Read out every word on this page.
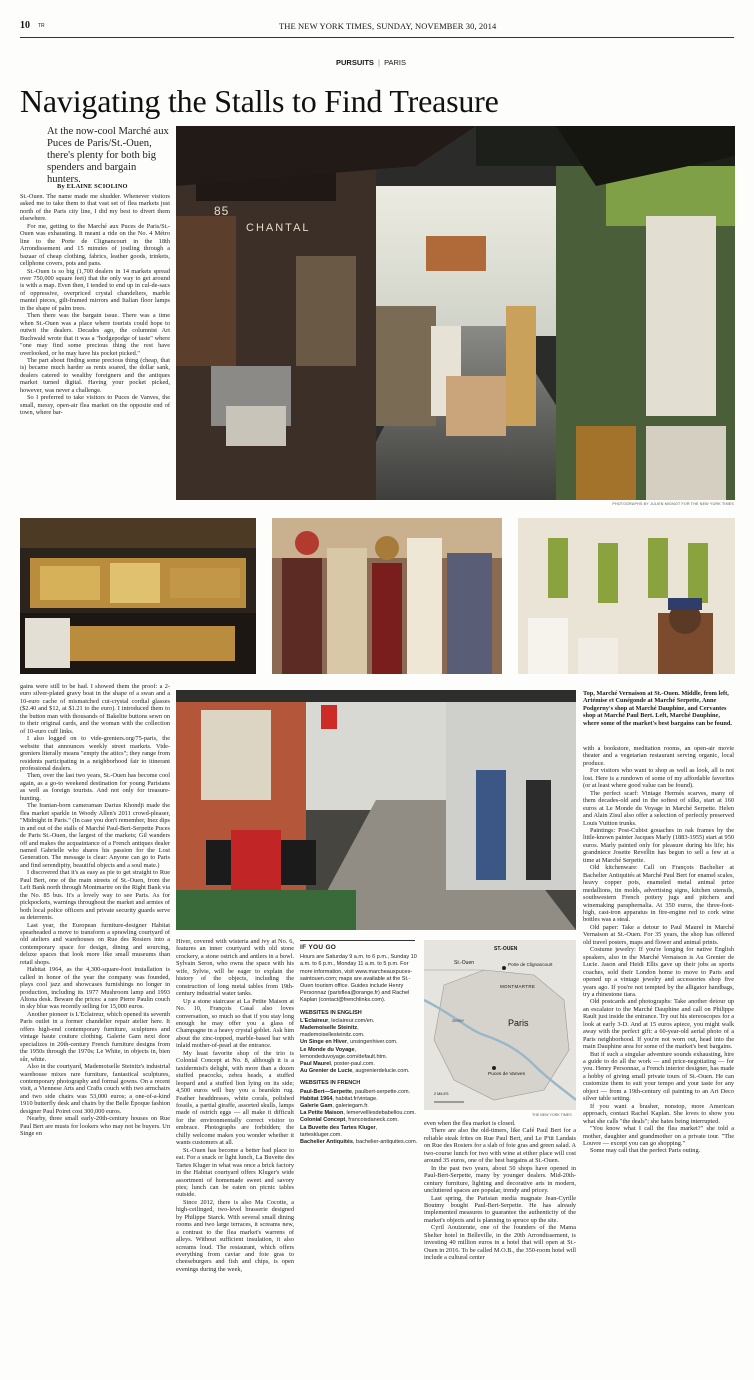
10 TR	THE NEW YORK TIMES, SUNDAY, NOVEMBER 30, 2014
PURSUITS | PARIS
Navigating the Stalls to Find Treasure
At the now-cool Marché aux Puces de Paris/St.-Ouen, there's plenty for both big spenders and bargain hunters.
By ELAINE SCIOLINO

St.-Ouen. The name made me shudder. Whenever visitors asked me to take them to that vast set of flea markets just north of the Paris city line, I did my best to divert them elsewhere.

For me, getting to the Marché aux Puces de Paris/St.-Ouen was exhausting. It meant a ride on the No. 4 Métro line to the Porte de Clignancourt in the 18th Arrondissement and 15 minutes of jostling through a bazaar of cheap clothing, fabrics, leather goods, trinkets, cellphone covers, pots and pans.

St.-Ouen is so big (1,700 dealers in 14 markets spread over 750,000 square feet) that the only way to get around is with a map. Even then, I tended to end up in cul-de-sacs of oppressive, overpriced crystal chandeliers, marble mantel pieces, gilt-framed mirrors and Italian floor lamps in the shape of palm trees.

Then there was the bargain issue. There was a time when St.-Ouen was a place where tourists could hope to outwit the dealers. Decades ago, the columnist Art Buchwald wrote that it was a "hodgepodge of taste" where "one may find some precious thing the rest have overlooked, or he may have his pocket picked."

The part about finding some precious thing (cheap, that is) became much harder as rents soared, the dollar sank, dealers catered to wealthy foreigners and the antiques market turned digital. Having your pocket picked, however, was never a challenge.

So I preferred to take visitors to Puces de Vanves, the small, messy, open-air flea market on the opposite end of town, where bar-

85
CHANTAL
PHOTOGRAPHS BY JULIEN MIGNOT FOR THE NEW YORK TIMES

gains were still to be had. I showed them the proof: a 2-euro silver-plated gravy boat in the shape of a swan and a 10-euro cache of mismatched cut-crystal cordial glasses ($2.40 and $12, at $1.21 to the euro). I introduced them to the button man with thousands of Bakelite buttons sewn on to their original cards, and the woman with the collection of 10-euro cuff links.

I also logged on to vide-greniers.org/75-paris, the website that announces weekly street markets. Vide-greniers literally means "empty the attics"; they range from residents participating in a neighborhood fair to itinerant professional dealers.

Then, over the last two years, St.-Ouen has become cool again, as a go-to weekend destination for young Parisians as well as foreign tourists. And not only for treasure-hunting.

The Iranian-born cameraman Darius Khondji made the flea market sparkle in Woody Allen's 2011 crowd-pleaser, "Midnight in Paris." (In case you don't remember, Inez dips in and out of the stalls of Marché Paul-Bert-Serpette Puces de Paris St.-Ouen, the largest of the markets; Gil wanders off and makes the acquaintance of a French antiques dealer named Gabrielle who shares his passion for the Lost Generation. The message is clear: Anyone can go to Paris and find serendipity, beautiful objects and a soul mate.)

I discovered that it's as easy as pie to get straight to Rue Paul Bert, one of the main streets of St.-Ouen, from the Left Bank north through Montmartre on the Right Bank via the No. 85 bus. It's a lovely way to see Paris. As for pickpockets, warnings throughout the market and armies of both local police officers and private security guards serve as deterrents.

Last year, the European furniture-designer Habitat spearheaded a move to transform a sprawling courtyard of old ateliers and warehouses on Rue des Rosiers into a contemporary space for design, dining and sourcing, deluxe spaces that look more like small museums than retail shops.

Habitat 1964, as the 4,300-square-foot installation is called in honor of the year the company was founded, plays cool jazz and showcases furnishings no longer in production, including its 1977 Mushroom lamp and 1993 Altona desk. Beware the prices: a rare Pierre Paulin couch in sky blue was recently selling for 15,000 euros.

Another pioneer is L'Eclaireur, which opened its seventh Paris outlet in a former chandelier repair atelier here. It offers high-end contemporary furniture, sculptures and vintage haute couture clothing. Galerie Gam next door specializes in 20th-century French furniture designs from the 1950s through the 1970s; Le White, in objects in, bien sûr, white.

Also in the courtyard, Mademoiselle Steinitz's industrial warehouse mixes rare furniture, fantastical sculptures, contemporary photography and formal gowns. On a recent visit, a Viennese Arts and Crafts couch with two armchairs and two side chairs was 53,000 euros; a one-of-a-kind 1910 butterfly desk and chairs by the Belle Époque fashion designer Paul Poiret cost 300,000 euros.

Nearby, three small early-20th-century houses on Rue Paul Bert are musts for lookers who may not be buyers. Un Singe en

Top, Marché Vernaison at St.-Ouen. Middle, from left, Artémise et Cunégonde at Marché Serpette, Anne Podgerny's shop at Marché Dauphine, and Cervantes shop at Marché Paul Bert. Left, Marché Dauphine, where some of the market's best bargains can be found.
IF YOU GO
Hours are Saturday 9 a.m. to 6 p.m., Sunday 10 a.m. to 6 p.m., Monday 11 a.m. to 5 p.m. For more information, visit www.marcheauxpuces-saintouen.com; maps are available at the St.-Ouen tourism office. Guides include Henry Personnaz (parisflea@orange.fr) and Rachel Kaplan (contact@frenchlinks.com).
WEBSITES IN ENGLISH
L'Eclaireur, leclaireur.com/en.
Mademoiselle Steinitz, mademoisellesteinitz.com.
Un Singe en Hiver, unsingenhiver.com.
Le Monde du Voyage, lemondeduvoyage.com/default.htm.
Paul Maurel, poster-paul.com.
Au Grenier de Lucie, augrenierdelucie.com.
WEBSITES IN FRENCH
Paul-Bert—Serpette, paulbert-serpette.com.
Habitat 1964, habitat.fr/vintage.
Galerie Gam, galeriegam.fr.
La Petite Maison, lemervelllesdebabellou.com.
Colonial Concept, francoisdaneck.com.
La Buvette des Tartes Kluger, tarteskluger.com.
Bachelier Antiquités, bachelier-antiquites.com.

Hiver, covered with wisteria and ivy at No. 6, features an inner courtyard with old stone crockery, a stone ostrich and antlers in a bowl. Sylvain Seron, who owns the space with his wife, Sylvie, will be eager to explain the history of the objects, including the construction of long metal tables from 19th-century industrial water tanks.

Up a stone staircase at La Petite Maison at No. 10, François Casal also loves conversation, so much so that if you stay long enough he may offer you a glass of Champagne in a heavy crystal goblet. Ask him about the zinc-topped, marble-based bar with inlaid mother-of-pearl at the entrance.

My least favorite shop of the trio is Colonial Concept at No. 8, although it is a taxidermist's delight, with more than a dozen stuffed peacocks, zebra heads, a stuffed leopard and a stuffed lion lying on its side; 4,500 euros will buy you a bearskin rug. Feather headdresses, white corals, polished fossils, a partial giraffe, assorted skulls, lamps made of ostrich eggs — all make it difficult for the environmentally correct visitor to embrace. Photographs are forbidden; the chilly welcome makes you wonder whether it wants customers at all.

St.-Ouen has become a better bad place to eat. For a snack or light lunch, La Buvette des Tartes Kluger in what was once a brick factory in the Habitat courtyard offers Kluger's wide assortment of homemade sweet and savory pies; lunch can be eaten on picnic tables outside.

Since 2012, there is also Ma Cocotte, a high-ceilinged, two-level brasserie designed by Philippe Starck. With several small dining rooms and two large terraces, it screams new, a contrast to the flea market's warrens of alleys. Without sufficient insulation, it also screams loud. The restaurant, which offers everything from caviar and foie gras to cheeseburgers and fish and chips, is open evenings during the week,

ST.-OUEN
St.-Ouen	Porte de Clignancourt
MONTMARTRE
Seine	Paris
Puces de Vanves
2 MILES
THE NEW YORK TIMES

even when the flea market is closed.

There are also the old-timers, like Café Paul Bert for a reliable steak frites on Rue Paul Bert, and Le P'tit Landais on Rue des Rosiers for a slab of foie gras and green salad. A two-course lunch for two with wine at either place will cost around 35 euros, one of the best bargains at St.-Ouen.

In the past two years, about 50 shops have opened in Paul-Bert-Serpette, many by younger dealers. Mid-20th-century furniture, lighting and decorative arts in modern, uncluttered spaces are popular, trendy and pricey.

Last spring, the Parisian media magnate Jean-Cyrille Boutmy bought Paul-Bert-Serpette. He has already implemented measures to guarantee the authenticity of the market's objects and is planning to spruce up the site.

Cyril Aouizerate, one of the founders of the Mama Shelter hotel in Belleville, in the 20th Arrondissement, is investing 40 million euros in a hotel that will open at St.-Ouen in 2016. To be called M.O.B., the 350-room hotel will include a cultural center

with a bookstore, meditation rooms, an open-air movie theater and a vegetarian restaurant serving organic, local produce.

For visitors who want to shop as well as look, all is not lost. Here is a rundown of some of my affordable favorites (or at least where good value can be found).

The perfect scarf: Vintage Hermès scarves, many of them decades-old and in the softest of silks, start at 160 euros at Le Monde du Voyage in Marché Serpette. Helen and Alain Zisul also offer a selection of perfectly preserved Louis Vuitton trunks.

Paintings: Post-Cubist gouaches in oak frames by the little-known painter Jacques Marly (1883-1955) start at 950 euros. Marly painted only for pleasure during his life; his grandniece Josette Revellin has begun to sell a few at a time at Marché Serpette.

Old kitchenware: Call on François Bachelier at Bachelier Antiquités at Marché Paul Bert for enamel scales, heavy copper pots, enameled metal animal prize medallions, tin molds, advertising signs, kitchen utensils, southwestern French pottery jugs and pitchers and winemaking paraphernalia. At 350 euros, the three-foot-high, cast-iron apparatus in fire-engine red to cork wine bottles was a steal.

Old paper: Take a detour to Paul Maurel in Marché Vernaison at St.-Ouen. For 35 years, the shop has offered old travel posters, maps and flower and animal prints.

Costume jewelry: If you're longing for native English speakers, also in the Marché Vernaison is Au Grenier de Lucie. Jason and Heidi Ellis gave up their jobs as sports coaches, sold their London home to move to Paris and opened up a vintage jewelry and accessories shop five years ago. If you're not tempted by the alligator handbags, try a rhinestone tiara.

Old postcards and photographs: Take another detour up an escalator to the Marché Dauphine and call on Philippe Rault just inside the entrance. Try out his stereoscopes for a look at early 3-D. And at 15 euros apiece, you might walk away with the perfect gift: a 60-year-old aerial photo of a Paris neighborhood. If you're not worn out, head into the main Dauphine area for some of the market's best bargains.

But if such a singular adventure sounds exhausting, hire a guide to do all the work — and price-negotiating — for you. Henry Personnaz, a French interior designer, has made a hobby of giving small private tours of St.-Ouen. He can customize them to suit your tempo and your taste for any object — from a 19th-century oil painting to an Art Deco silver table setting.

If you want a brasher, nonstop, more American approach, contact Rachel Kaplan. She loves to show you what she calls "the deals"; she hates being interrupted.

"You know what I call the flea market?" she told a mother, daughter and grandmother on a private tour. "The Louvre — except you can go shopping."

Some may call that the perfect Paris outing.
